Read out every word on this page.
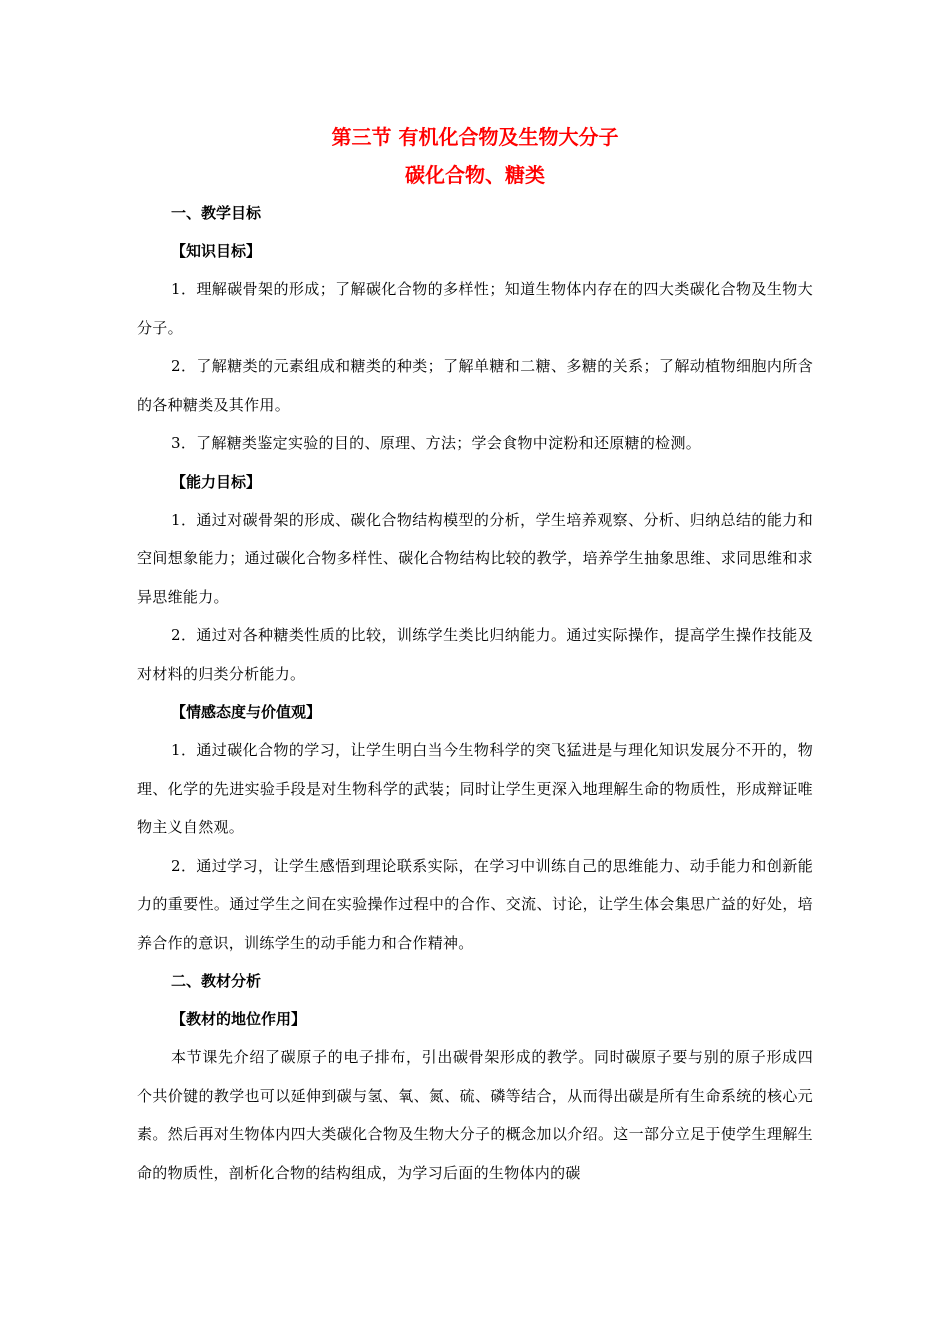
第三节 有机化合物及生物大分子
碳化合物、糖类
一、教学目标
【知识目标】

1．理解碳骨架的形成；了解碳化合物的多样性；知道生物体内存在的四大类碳化合物及生物大分子。

2．了解糖类的元素组成和糖类的种类；了解单糖和二糖、多糖的关系；了解动植物细胞内所含的各种糖类及其作用。

3．了解糖类鉴定实验的目的、原理、方法；学会食物中淀粉和还原糖的检测。

【能力目标】

1．通过对碳骨架的形成、碳化合物结构模型的分析，学生培养观察、分析、归纳总结的能力和空间想象能力；通过碳化合物多样性、碳化合物结构比较的教学，培养学生抽象思维、求同思维和求异思维能力。

2．通过对各种糖类性质的比较，训练学生类比归纳能力。通过实际操作，提高学生操作技能及对材料的归类分析能力。

【情感态度与价值观】

1．通过碳化合物的学习，让学生明白当今生物科学的突飞猛进是与理化知识发展分不开的，物理、化学的先进实验手段是对生物科学的武装；同时让学生更深入地理解生命的物质性，形成辩证唯物主义自然观。

2．通过学习，让学生感悟到理论联系实际，在学习中训练自己的思维能力、动手能力和创新能力的重要性。通过学生之间在实验操作过程中的合作、交流、讨论，让学生体会集思广益的好处，培养合作的意识，训练学生的动手能力和合作精神。

二、教材分析
【教材的地位作用】

本节课先介绍了碳原子的电子排布，引出碳骨架形成的教学。同时碳原子要与别的原子形成四个共价键的教学也可以延伸到碳与氢、氧、氮、硫、磷等结合，从而得出碳是所有生命系统的核心元素。然后再对生物体内四大类碳化合物及生物大分子的概念加以介绍。这一部分立足于使学生理解生命的物质性，剖析化合物的结构组成，为学习后面的生物体内的碳
